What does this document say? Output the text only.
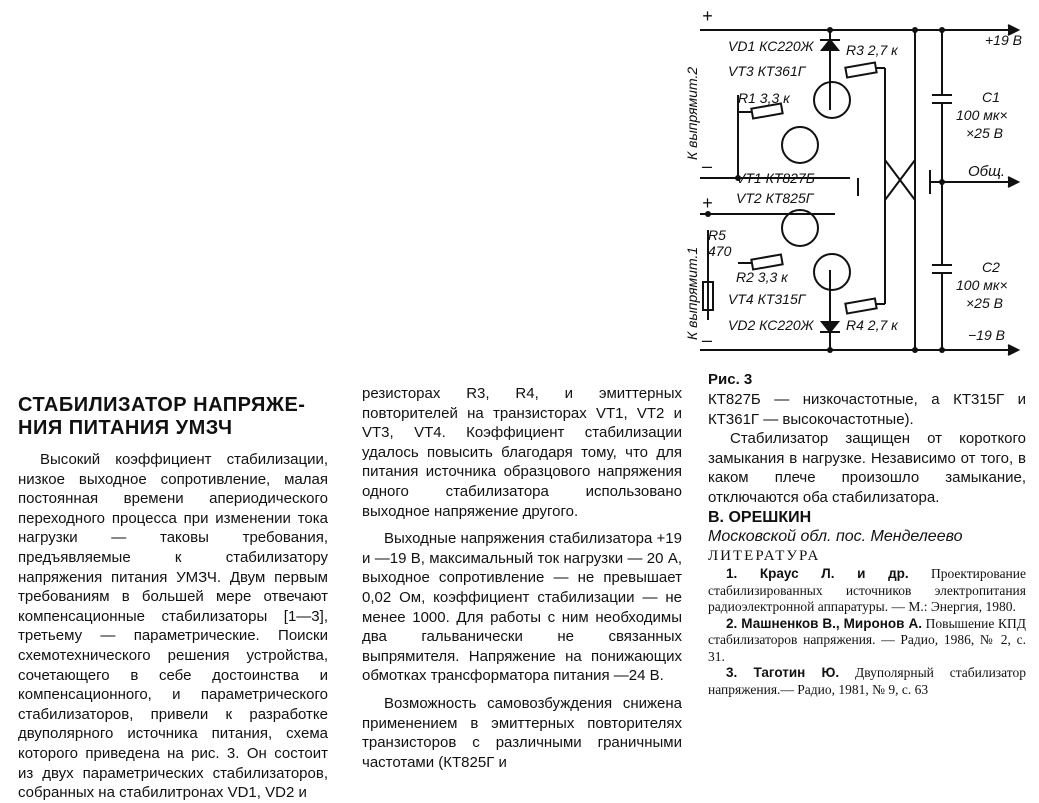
+
–
+
–
+19 В
Общ.
−19 В
К выпрямит.2
К выпрямит.1
VD1 КС220Ж
VT3 КТ361Г
R1 3,3 к
R3 2,7 к
VT1 КТ827Б
VT2 КТ825Г
R5
470
R2 3,3 к
VT4 КТ315Г
VD2 КС220Ж R4 2,7 к
С1
100 мк×
×25 В
С2
100 мк×
×25 В
СТАБИЛИЗАТОР НАПРЯЖЕ-
НИЯ ПИТАНИЯ УМЗЧ

Высокий коэффициент стабилизации, низкое выходное сопротивление, малая постоянная времени апериодического переходного процесса при изменении тока нагрузки — таковы требования, предъявляемые к стабилизатору напряжения питания УМЗЧ. Двум первым требованиям в большей мере отвечают компенсационные стабилизаторы [1—3], третьему — параметрические. Поиски схемотехнического решения устройства, сочетающего в себе достоинства и компенсационного, и параметрического стабилизаторов, привели к разработке двуполярного источника питания, схема которого приведена на рис. 3. Он состоит из двух параметрических стабилизаторов, собранных на стабилитронах VD1, VD2 и

резисторах R3, R4, и эмиттерных повторителей на транзисторах VT1, VT2 и VT3, VT4. Коэффициент стабилизации удалось повысить благодаря тому, что для питания источника образцового напряжения одного стабилизатора использовано выходное напряжение другого.

Выходные напряжения стабилизатора +19 и —19 В, максимальный ток нагрузки — 20 А, выходное сопротивление — не превышает 0,02 Ом, коэффициент стабилизации — не менее 1000. Для работы с ним необходимы два гальванически не связанных выпрямителя. Напряжение на понижающих обмотках трансформатора питания —24 В.

Возможность самовозбуждения снижена применением в эмиттерных повторителях транзисторов с различными граничными частотами (КТ825Г и

Рис. 3

КТ827Б — низкочастотные, а КТ315Г и КТ361Г — высокочастотные).

Стабилизатор защищен от короткого замыкания в нагрузке. Независимо от того, в каком плече произошло замыкание, отключаются оба стабилизатора.

В. ОРЕШКИН

Московской обл. пос. Менделеево

ЛИТЕРАТУРА

1. Краус Л. и др. Проектирование стабилизированных источников электропитания радиоэлектронной аппаратуры. — М.: Энергия, 1980.

2. Машненков В., Миронов А. Повышение КПД стабилизаторов напряжения. — Радио, 1986, № 2, с. 31.

3. Таготин Ю. Двуполярный стабилизатор напряжения.— Радио, 1981, № 9, с. 63
